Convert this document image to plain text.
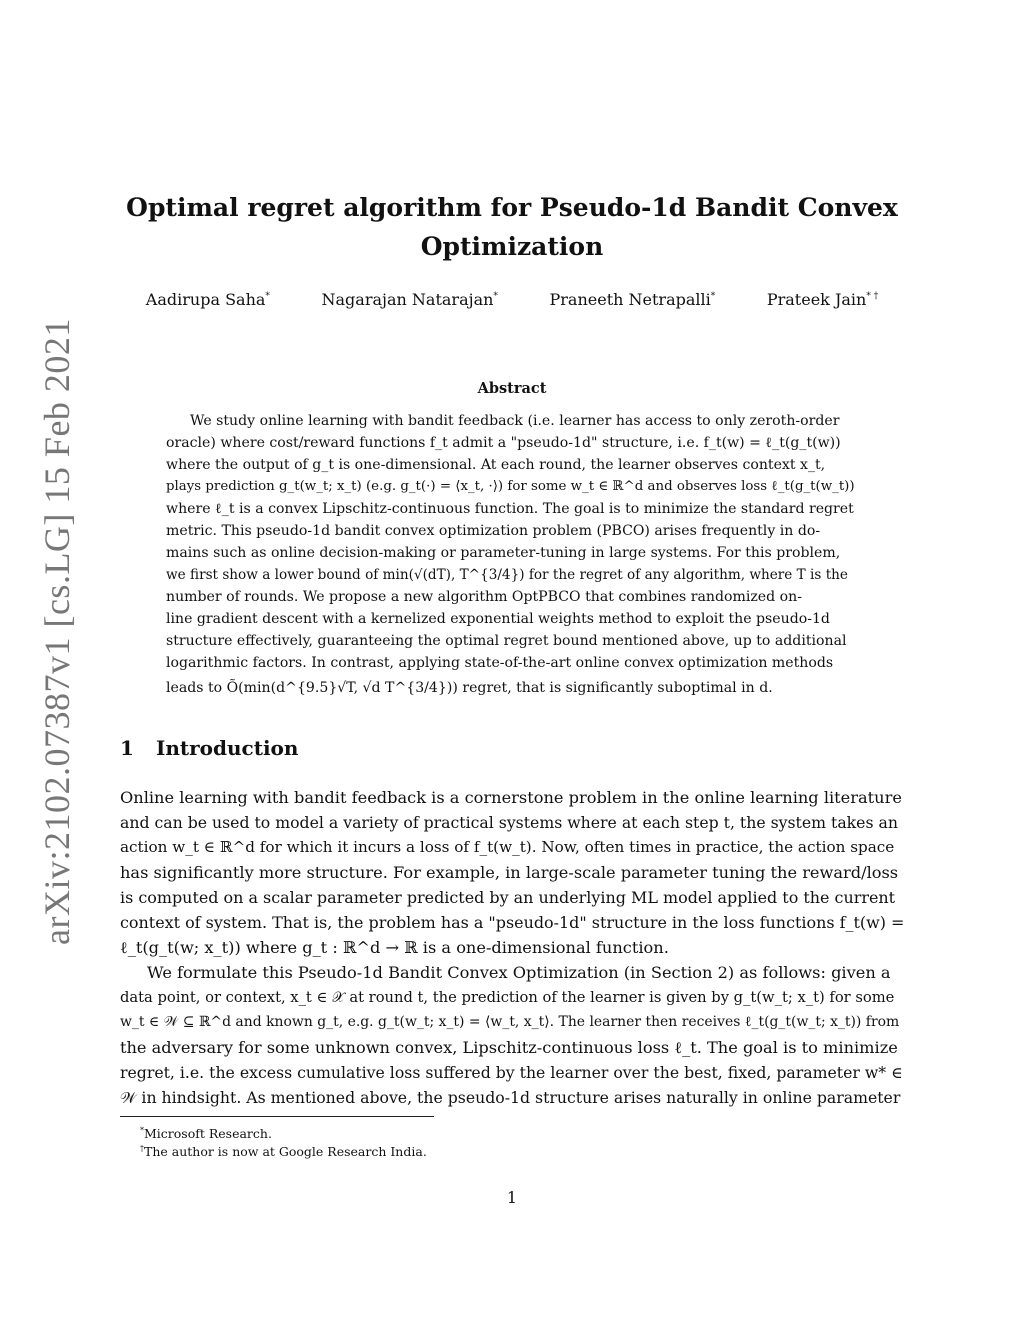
arXiv:2102.07387v1 [cs.LG] 15 Feb 2021
Optimal regret algorithm for Pseudo-1d Bandit Convex
Optimization
Aadirupa Saha*	Nagarajan Natarajan*	Praneeth Netrapalli*	Prateek Jain* †
Abstract

We study online learning with bandit feedback (i.e. learner has access to only zeroth-order

oracle) where cost/reward functions f_t admit a "pseudo-1d" structure, i.e. f_t(w) = ℓ_t(g_t(w))

where the output of g_t is one-dimensional. At each round, the learner observes context x_t,

plays prediction g_t(w_t; x_t) (e.g. g_t(·) = ⟨x_t, ·⟩) for some w_t ∈ ℝ^d and observes loss ℓ_t(g_t(w_t))

where ℓ_t is a convex Lipschitz-continuous function. The goal is to minimize the standard regret

metric. This pseudo-1d bandit convex optimization problem (PBCO) arises frequently in do-

mains such as online decision-making or parameter-tuning in large systems. For this problem,

we first show a lower bound of min(√(dT), T^{3/4}) for the regret of any algorithm, where T is the

number of rounds. We propose a new algorithm OptPBCO that combines randomized on-

line gradient descent with a kernelized exponential weights method to exploit the pseudo-1d

structure effectively, guaranteeing the optimal regret bound mentioned above, up to additional

logarithmic factors. In contrast, applying state-of-the-art online convex optimization methods

leads to Õ(min(d^{9.5}√T, √d T^{3/4})) regret, that is significantly suboptimal in d.

1 Introduction

Online learning with bandit feedback is a cornerstone problem in the online learning literature

and can be used to model a variety of practical systems where at each step t, the system takes an

action w_t ∈ ℝ^d for which it incurs a loss of f_t(w_t). Now, often times in practice, the action space

has significantly more structure. For example, in large-scale parameter tuning the reward/loss

is computed on a scalar parameter predicted by an underlying ML model applied to the current

context of system. That is, the problem has a "pseudo-1d" structure in the loss functions f_t(w) =

ℓ_t(g_t(w; x_t)) where g_t : ℝ^d → ℝ is a one-dimensional function.

We formulate this Pseudo-1d Bandit Convex Optimization (in Section 2) as follows: given a

data point, or context, x_t ∈ 𝒳 at round t, the prediction of the learner is given by g_t(w_t; x_t) for some

w_t ∈ 𝒲 ⊆ ℝ^d and known g_t, e.g. g_t(w_t; x_t) = ⟨w_t, x_t⟩. The learner then receives ℓ_t(g_t(w_t; x_t)) from

the adversary for some unknown convex, Lipschitz-continuous loss ℓ_t. The goal is to minimize

regret, i.e. the excess cumulative loss suffered by the learner over the best, fixed, parameter w* ∈

𝒲 in hindsight. As mentioned above, the pseudo-1d structure arises naturally in online parameter

*Microsoft Research.

†The author is now at Google Research India.

1
